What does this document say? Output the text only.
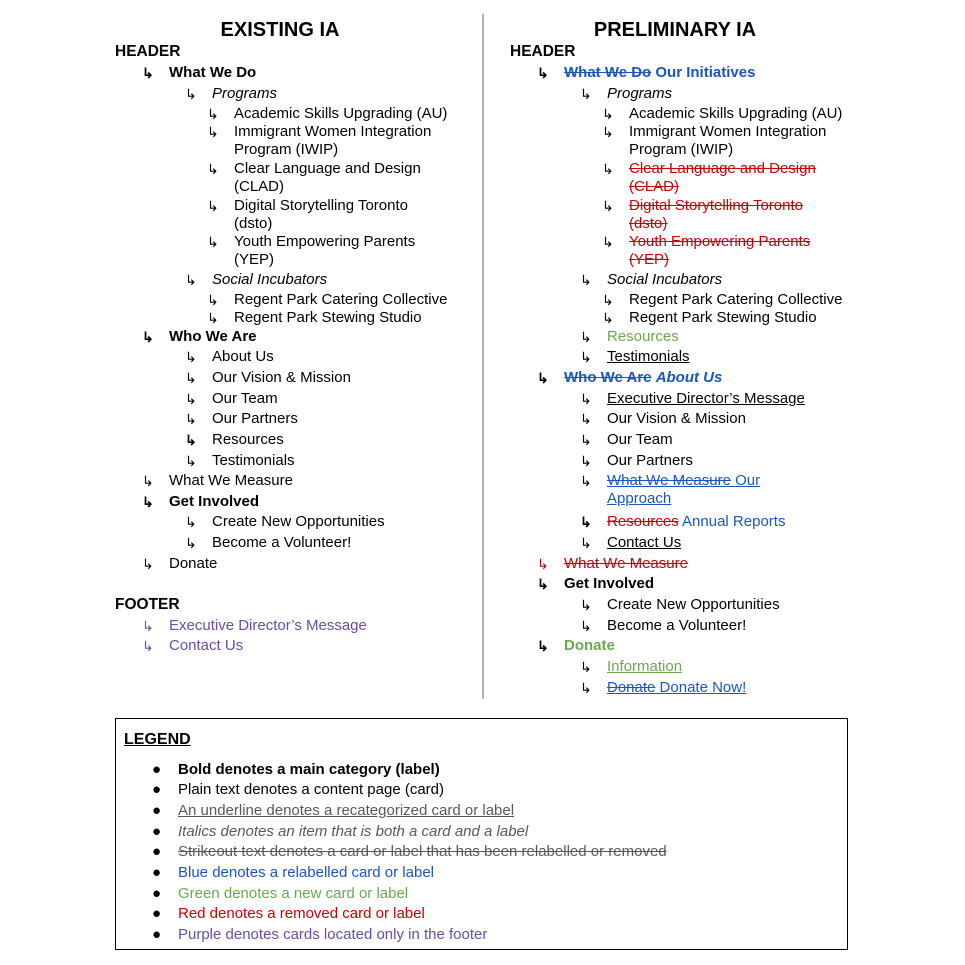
EXISTING IA
HEADER
↳ What We Do
↳ Programs
↳ Academic Skills Upgrading (AU)
↳ Immigrant Women Integration Program (IWIP)
↳ Clear Language and Design (CLAD)
↳ Digital Storytelling Toronto (dsto)
↳ Youth Empowering Parents (YEP)
↳ Social Incubators
↳ Regent Park Catering Collective
↳ Regent Park Stewing Studio
↳ Who We Are
↳ About Us
↳ Our Vision & Mission
↳ Our Team
↳ Our Partners
↳ Resources
↳ Testimonials
↳ What We Measure
↳ Get Involved
↳ Create New Opportunities
↳ Become a Volunteer!
↳ Donate
FOOTER
↳ Executive Director’s Message
↳ Contact Us
PRELIMINARY IA
HEADER
↳ What We Do Our Initiatives
↳ Programs
↳ Academic Skills Upgrading (AU)
↳ Immigrant Women Integration Program (IWIP)
↳ Clear Language and Design (CLAD)
↳ Digital Storytelling Toronto (dsto)
↳ Youth Empowering Parents (YEP)
↳ Social Incubators
↳ Regent Park Catering Collective
↳ Regent Park Stewing Studio
↳ Resources
↳ Testimonials
↳ Who We Are About Us
↳ Executive Director’s Message
↳ Our Vision & Mission
↳ Our Team
↳ Our Partners
↳ What We Measure Our Approach
↳ Resources Annual Reports
↳ Contact Us
↳ What We Measure
↳ Get Involved
↳ Create New Opportunities
↳ Become a Volunteer!
↳ Donate
↳ Information
↳ Donate Donate Now!
LEGEND
● Bold denotes a main category (label)
● Plain text denotes a content page (card)
● An underline denotes a recategorized card or label
● Italics denotes an item that is both a card and a label
● Strikeout text denotes a card or label that has been relabelled or removed
● Blue denotes a relabelled card or label
● Green denotes a new card or label
● Red denotes a removed card or label
● Purple denotes cards located only in the footer
